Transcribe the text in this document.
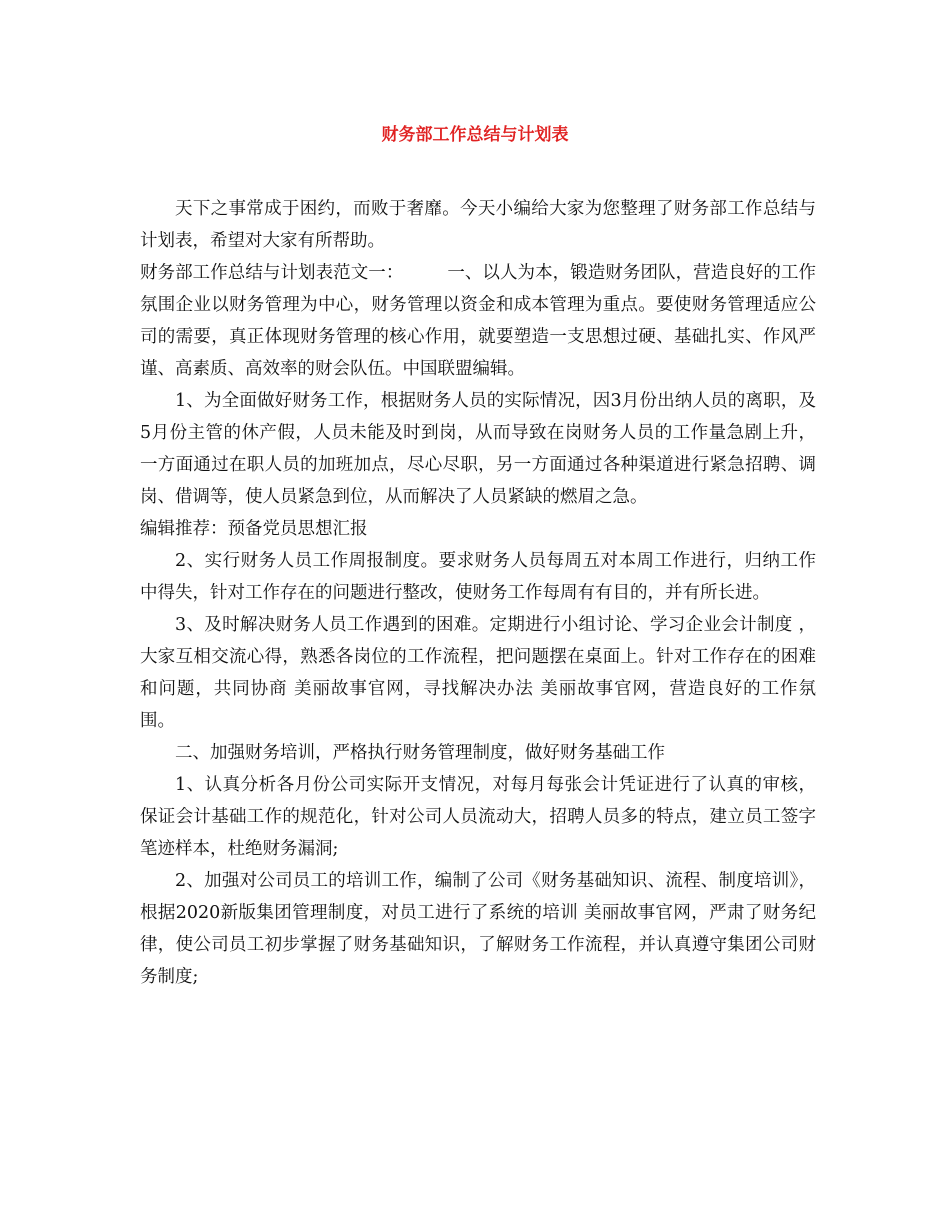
财务部工作总结与计划表

天下之事常成于困约，而败于奢靡。今天小编给大家为您整理了财务部工作总结与计划表，希望对大家有所帮助。

财务部工作总结与计划表范文一：　　　一、以人为本，锻造财务团队，营造良好的工作氛围企业以财务管理为中心，财务管理以资金和成本管理为重点。要使财务管理适应公司的需要，真正体现财务管理的核心作用，就要塑造一支思想过硬、基础扎实、作风严谨、高素质、高效率的财会队伍。中国联盟编辑。

1、为全面做好财务工作，根据财务人员的实际情况，因3月份出纳人员的离职，及5月份主管的休产假，人员未能及时到岗，从而导致在岗财务人员的工作量急剧上升，一方面通过在职人员的加班加点，尽心尽职，另一方面通过各种渠道进行紧急招聘、调岗、借调等，使人员紧急到位，从而解决了人员紧缺的燃眉之急。

编辑推荐：预备党员思想汇报

2、实行财务人员工作周报制度。要求财务人员每周五对本周工作进行，归纳工作中得失，针对工作存在的问题进行整改，使财务工作每周有有目的，并有所长进。

3、及时解决财务人员工作遇到的困难。定期进行小组讨论、学习企业会计制度 ，大家互相交流心得，熟悉各岗位的工作流程，把问题摆在桌面上。针对工作存在的困难和问题，共同协商 美丽故事官网，寻找解决办法 美丽故事官网，营造良好的工作氛围。

二、加强财务培训，严格执行财务管理制度，做好财务基础工作

1、认真分析各月份公司实际开支情况，对每月每张会计凭证进行了认真的审核，保证会计基础工作的规范化，针对公司人员流动大，招聘人员多的特点，建立员工签字笔迹样本，杜绝财务漏洞;

2、加强对公司员工的培训工作，编制了公司《财务基础知识、流程、制度培训》，根据2020新版集团管理制度，对员工进行了系统的培训 美丽故事官网，严肃了财务纪律，使公司员工初步掌握了财务基础知识，了解财务工作流程，并认真遵守集团公司财务制度;
